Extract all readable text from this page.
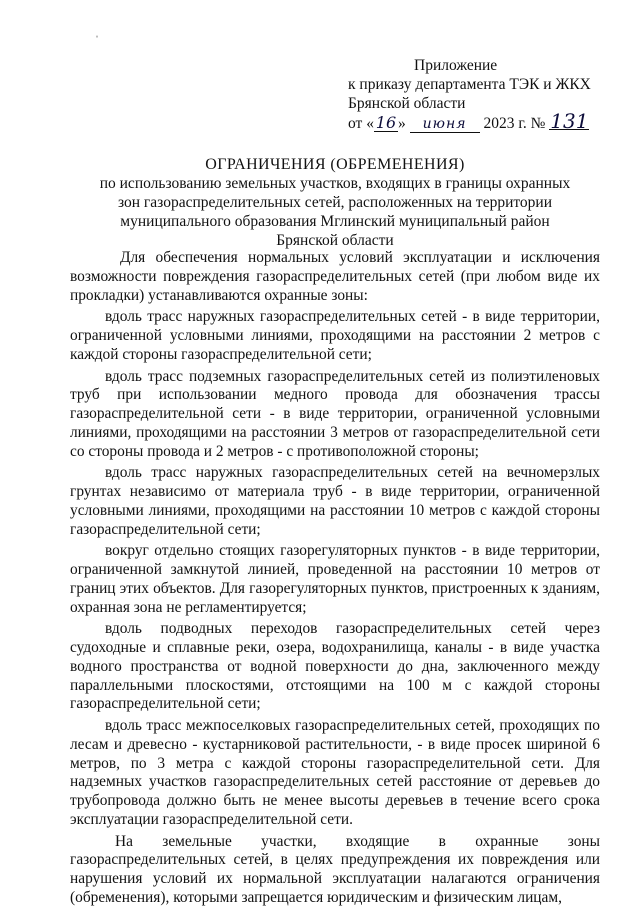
ˈ
Приложение
к приказу департамента ТЭК и ЖКХ
Брянской области
от « 16 » июня 2023 г. № 131
ОГРАНИЧЕНИЯ (ОБРЕМЕНЕНИЯ)
по использованию земельных участков, входящих в границы охранных
зон газораспределительных сетей, расположенных на территории
муниципального образования Мглинский муниципальный район
Брянской области

Для обеспечения нормальных условий эксплуатации и исключения возможности повреждения газораспределительных сетей (при любом виде их прокладки) устанавливаются охранные зоны:

вдоль трасс наружных газораспределительных сетей - в виде территории, ограниченной условными линиями, проходящими на расстоянии 2 метров с каждой стороны газораспределительной сети;

вдоль трасс подземных газораспределительных сетей из полиэтиленовых труб при использовании медного провода для обозначения трассы газораспределительной сети - в виде территории, ограниченной условными линиями, проходящими на расстоянии 3 метров от газораспределительной сети со стороны провода и 2 метров - с противоположной стороны;

вдоль трасс наружных газораспределительных сетей на вечномерзлых грунтах независимо от материала труб - в виде территории, ограниченной условными линиями, проходящими на расстоянии 10 метров с каждой стороны газораспределительной сети;

вокруг отдельно стоящих газорегуляторных пунктов - в виде территории, ограниченной замкнутой линией, проведенной на расстоянии 10 метров от границ этих объектов. Для газорегуляторных пунктов, пристроенных к зданиям, охранная зона не регламентируется;

вдоль подводных переходов газораспределительных сетей через судоходные и сплавные реки, озера, водохранилища, каналы - в виде участка водного пространства от водной поверхности до дна, заключенного между параллельными плоскостями, отстоящими на 100 м с каждой стороны газораспределительной сети;

вдоль трасс межпоселковых газораспределительных сетей, проходящих по лесам и древесно - кустарниковой растительности, - в виде просек шириной 6 метров, по 3 метра с каждой стороны газораспределительной сети. Для надземных участков газораспределительных сетей расстояние от деревьев до трубопровода должно быть не менее высоты деревьев в течение всего срока эксплуатации газораспределительной сети.

На земельные участки, входящие в охранные зоны газораспределительных сетей, в целях предупреждения их повреждения или нарушения условий их нормальной эксплуатации налагаются ограничения (обременения), которыми запрещается юридическим и физическим лицам,
